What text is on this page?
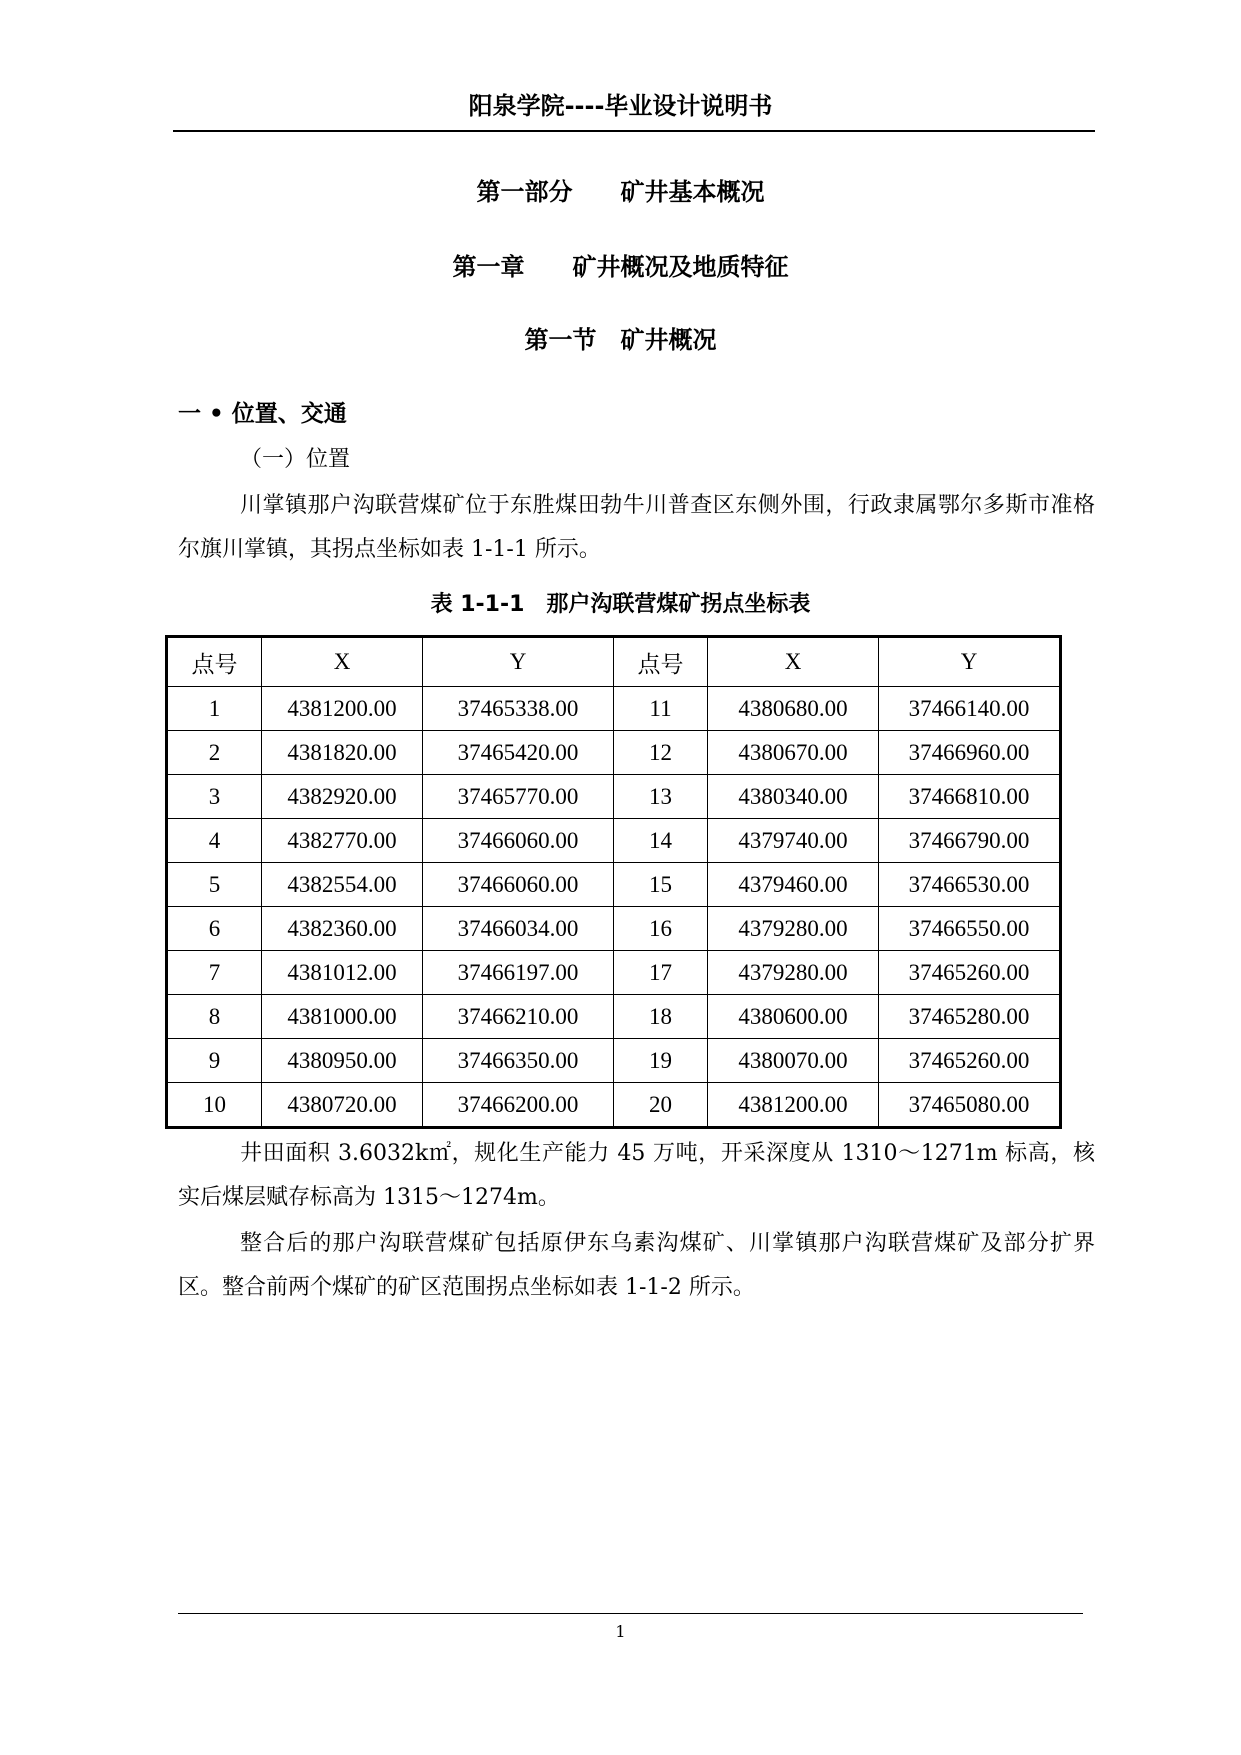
阳泉学院----毕业设计说明书
第一部分　　矿井基本概况
第一章　　矿井概况及地质特征
第一节　矿井概况
一 • 位置、交通
（一）位置
川掌镇那户沟联营煤矿位于东胜煤田勃牛川普查区东侧外围，行政隶属鄂尔多斯市准格尔旗川掌镇，其拐点坐标如表 1-1-1 所示。
表 1-1-1　那户沟联营煤矿拐点坐标表
点号	X	Y	点号	X	Y
1	4381200.00	37465338.00	11	4380680.00	37466140.00
2	4381820.00	37465420.00	12	4380670.00	37466960.00
3	4382920.00	37465770.00	13	4380340.00	37466810.00
4	4382770.00	37466060.00	14	4379740.00	37466790.00
5	4382554.00	37466060.00	15	4379460.00	37466530.00
6	4382360.00	37466034.00	16	4379280.00	37466550.00
7	4381012.00	37466197.00	17	4379280.00	37465260.00
8	4381000.00	37466210.00	18	4380600.00	37465280.00
9	4380950.00	37466350.00	19	4380070.00	37465260.00
10	4380720.00	37466200.00	20	4381200.00	37465080.00
井田面积 3.6032k㎡，规化生产能力 45 万吨，开采深度从 1310～1271m 标高，核实后煤层赋存标高为 1315～1274m。
整合后的那户沟联营煤矿包括原伊东乌素沟煤矿、川掌镇那户沟联营煤矿及部分扩界区。整合前两个煤矿的矿区范围拐点坐标如表 1-1-2 所示。
1
